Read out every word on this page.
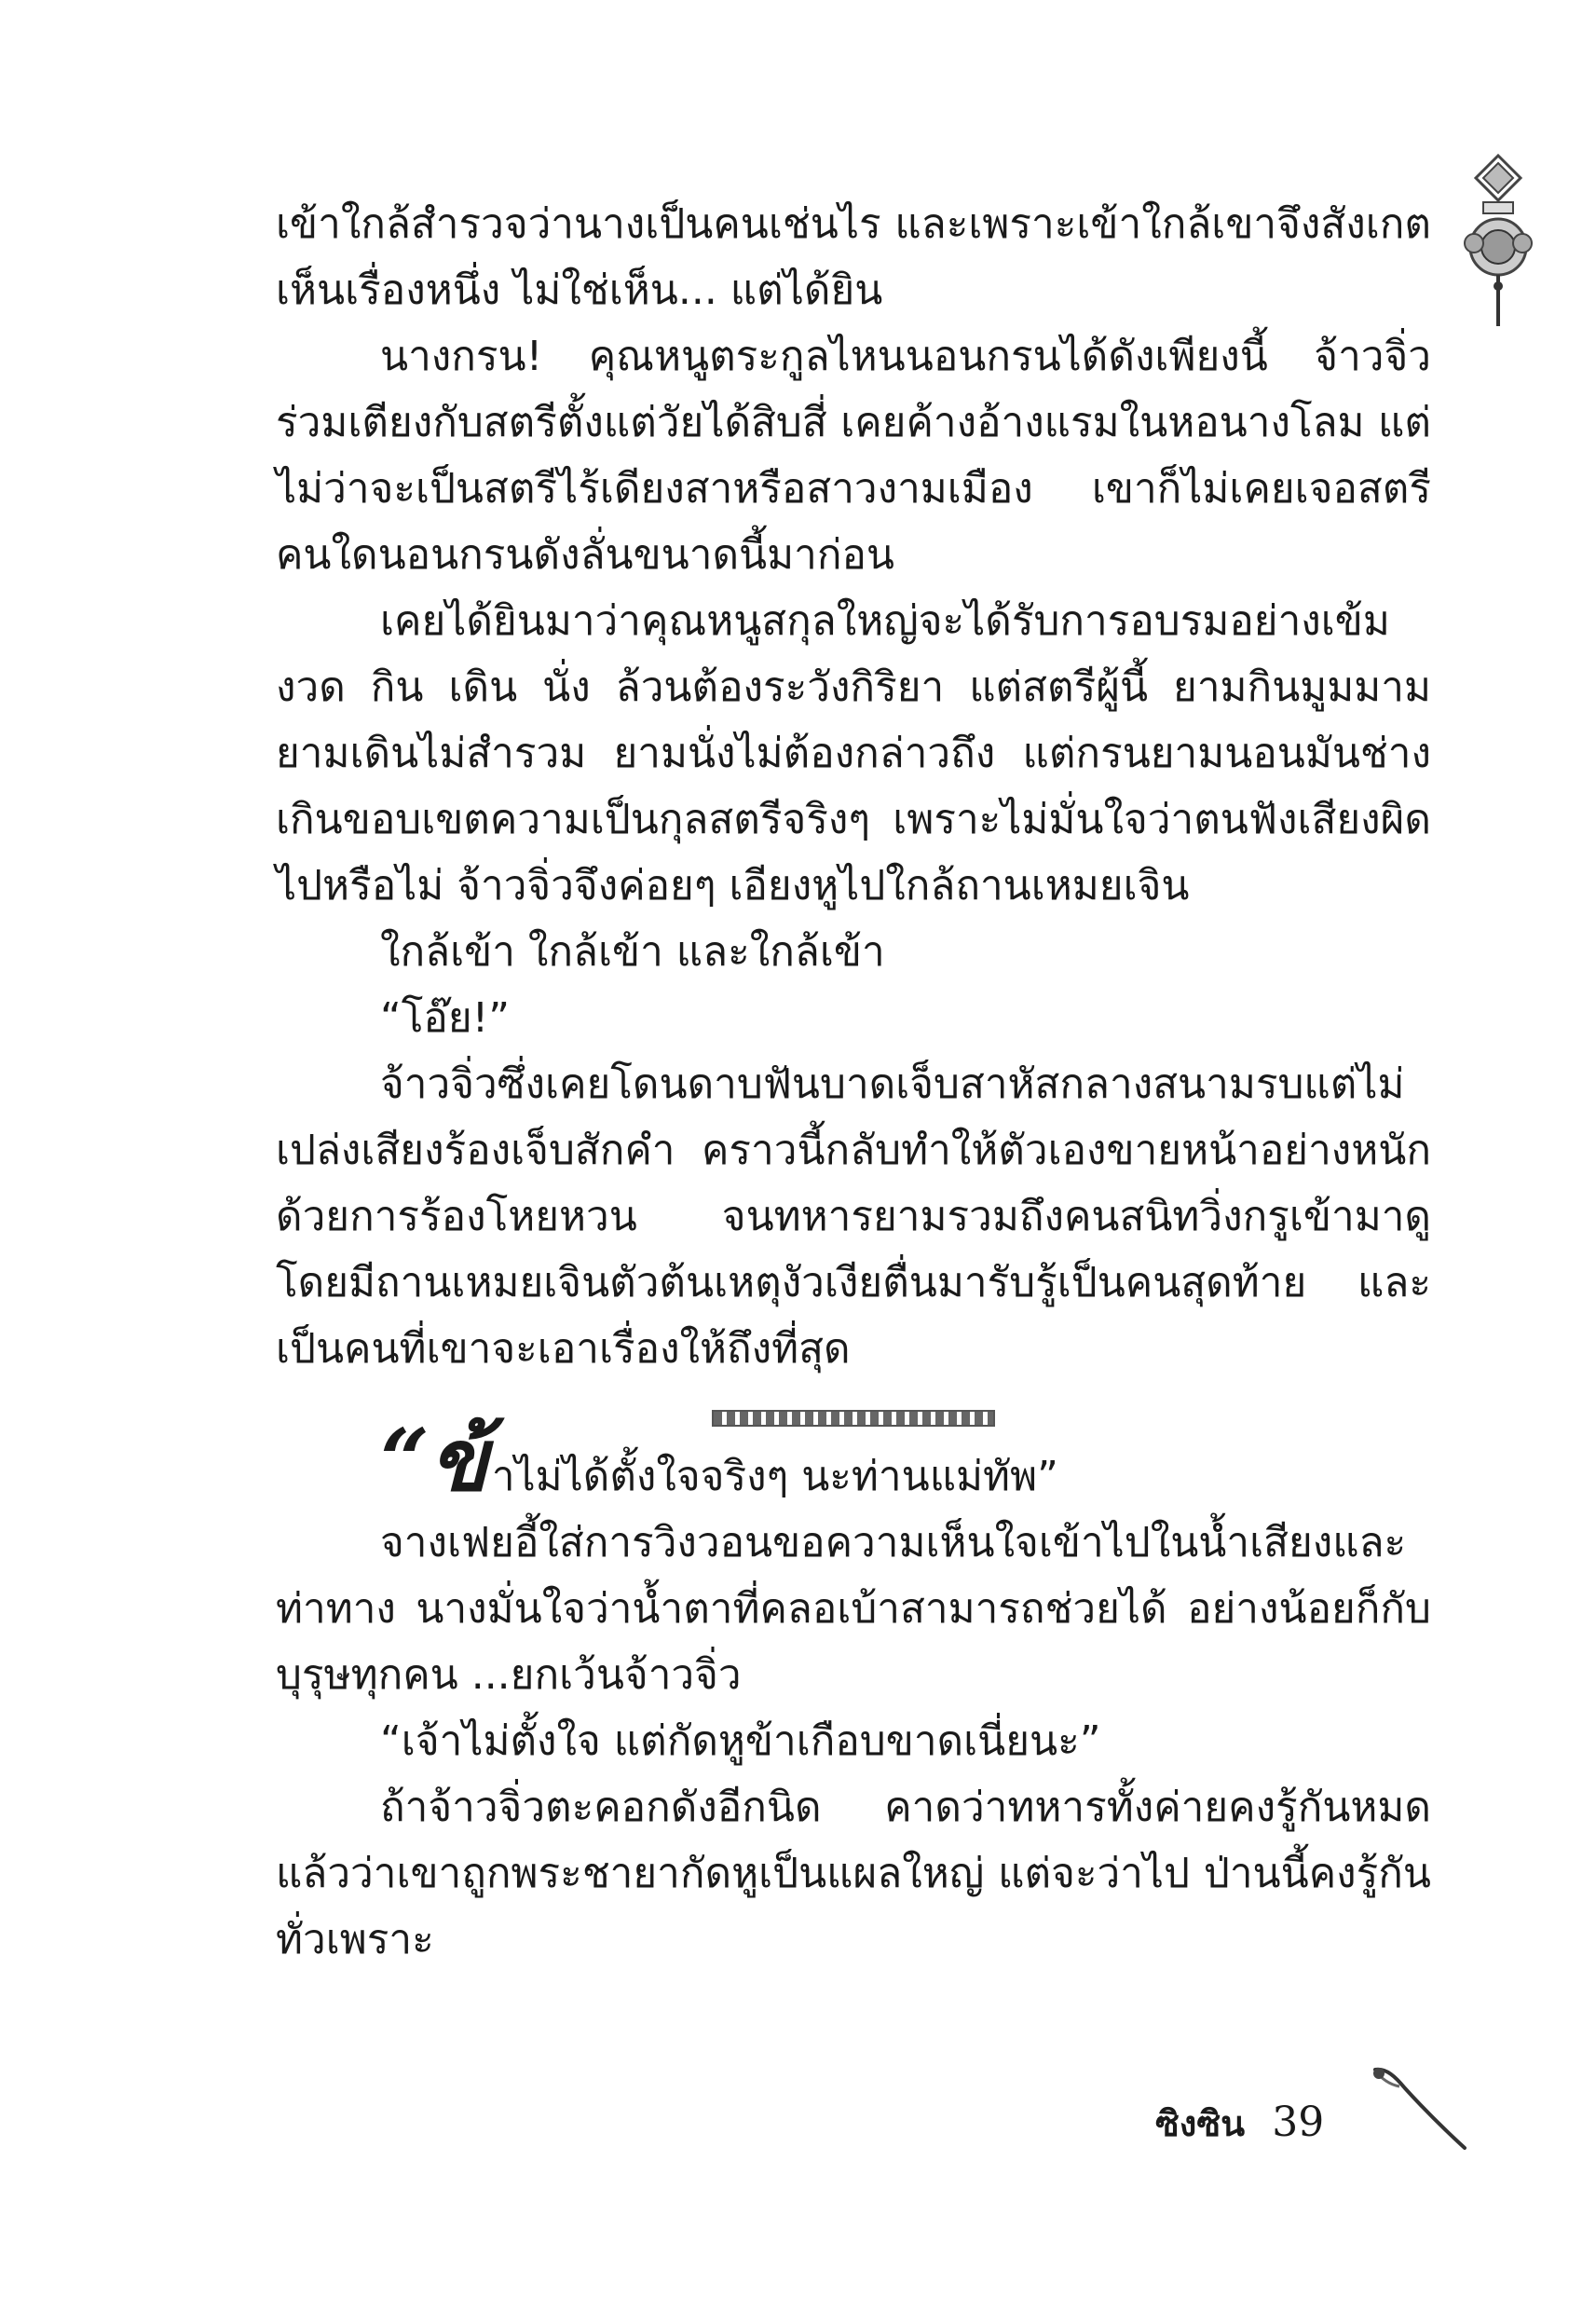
เข้าใกล้สำรวจว่านางเป็นคนเช่นไร และเพราะเข้าใกล้เขาจึงสังเกตเห็นเรื่องหนึ่ง ไม่ใช่เห็น... แต่ได้ยิน

นางกรน! คุณหนูตระกูลไหนนอนกรนได้ดังเพียงนี้ จ้าวจิ่วร่วมเตียงกับสตรีตั้งแต่วัยได้สิบสี่ เคยค้างอ้างแรมในหอนางโลม แต่ไม่ว่าจะเป็นสตรีไร้เดียงสาหรือสาวงามเมือง เขาก็ไม่เคยเจอสตรีคนใดนอนกรนดังลั่นขนาดนี้มาก่อน

เคยได้ยินมาว่าคุณหนูสกุลใหญ่จะได้รับการอบรมอย่างเข้มงวด กิน เดิน นั่ง ล้วนต้องระวังกิริยา แต่สตรีผู้นี้ ยามกินมูมมาม ยามเดินไม่สำรวม ยามนั่งไม่ต้องกล่าวถึง แต่กรนยามนอนมันช่างเกินขอบเขตความเป็นกุลสตรีจริงๆ เพราะไม่มั่นใจว่าตนฟังเสียงผิดไปหรือไม่ จ้าวจิ่วจึงค่อยๆ เอียงหูไปใกล้ถานเหมยเจิน

ใกล้เข้า ใกล้เข้า และใกล้เข้า

“โอ๊ย!”

จ้าวจิ่วซึ่งเคยโดนดาบฟันบาดเจ็บสาหัสกลางสนามรบแต่ไม่เปล่งเสียงร้องเจ็บสักคำ คราวนี้กลับทำให้ตัวเองขายหน้าอย่างหนักด้วยการร้องโหยหวน จนทหารยามรวมถึงคนสนิทวิ่งกรูเข้ามาดู โดยมีถานเหมยเจินตัวต้นเหตุงัวเงียตื่นมารับรู้เป็นคนสุดท้าย และเป็นคนที่เขาจะเอาเรื่องให้ถึงที่สุด

“ข้าไม่ได้ตั้งใจจริงๆ นะท่านแม่ทัพ”

จางเฟยอี้ใส่การวิงวอนขอความเห็นใจเข้าไปในน้ำเสียงและท่าทาง นางมั่นใจว่าน้ำตาที่คลอเบ้าสามารถช่วยได้ อย่างน้อยก็กับบุรุษทุกคน ...ยกเว้นจ้าวจิ่ว

“เจ้าไม่ตั้งใจ แต่กัดหูข้าเกือบขาดเนี่ยนะ”

ถ้าจ้าวจิ่วตะคอกดังอีกนิด คาดว่าทหารทั้งค่ายคงรู้กันหมดแล้วว่าเขาถูกพระชายากัดหูเป็นแผลใหญ่ แต่จะว่าไป ป่านนี้คงรู้กันทั่วเพราะ

ซิงซิน 39
